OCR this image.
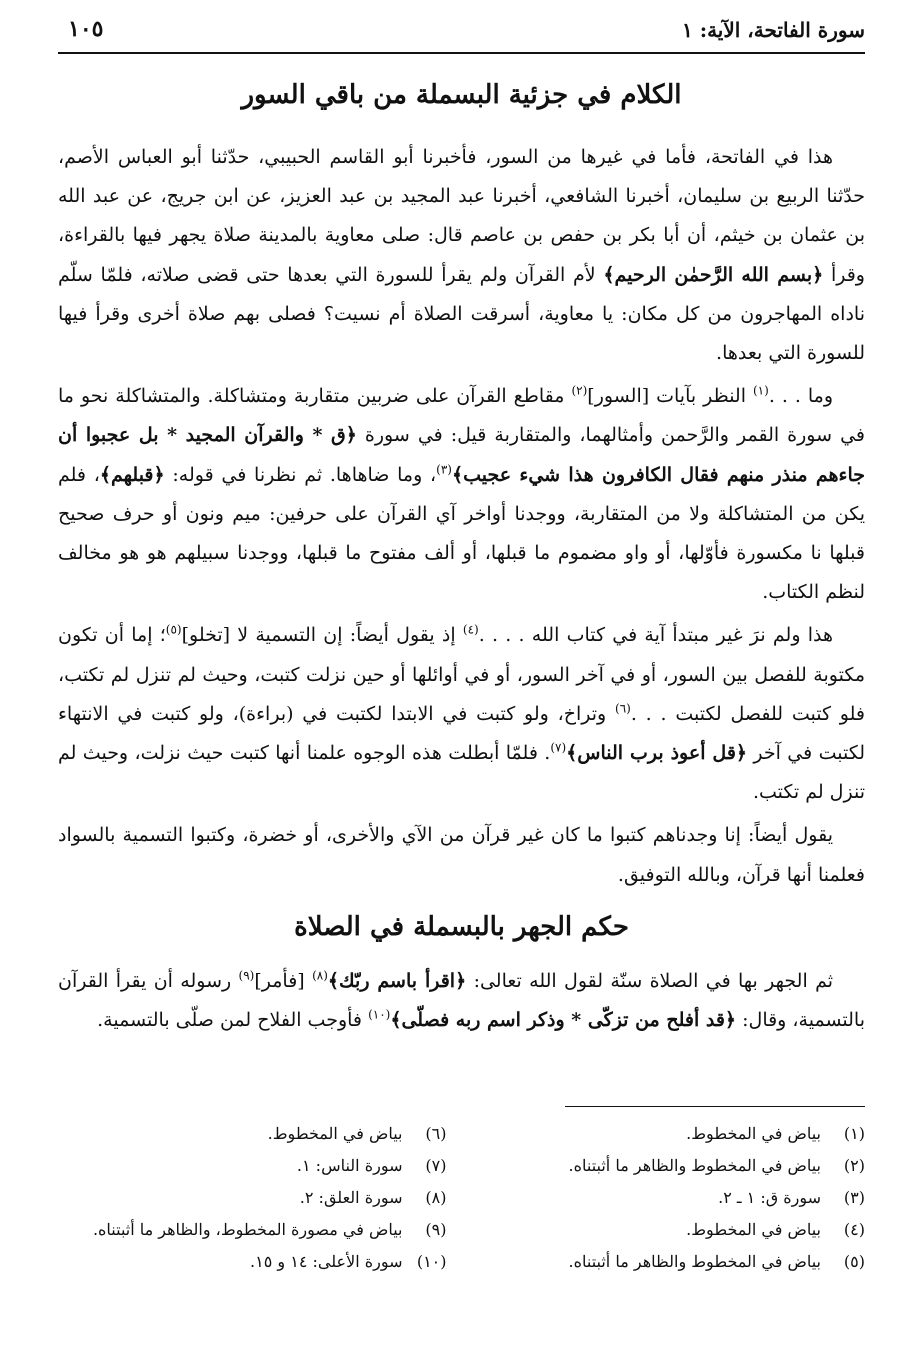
سورة الفاتحة، الآية: ١
١٠٥
الكلام في جزئية البسملة من باقي السور

هذا في الفاتحة، فأما في غيرها من السور، فأخبرنا أبو القاسم الحبيبي، حدّثنا أبو العباس الأصم، حدّثنا الربيع بن سليمان، أخبرنا الشافعي، أخبرنا عبد المجيد بن عبد العزيز، عن ابن جريج، عن عبد الله بن عثمان بن خيثم، أن أبا بكر بن حفص بن عاصم قال: صلى معاوية بالمدينة صلاة يجهر فيها بالقراءة، وقرأ ﴿بسم الله الرَّحمٰن الرحيم﴾ لأم القرآن ولم يقرأ للسورة التي بعدها حتى قضى صلاته، فلمّا سلّم ناداه المهاجرون من كل مكان: يا معاوية، أسرقت الصلاة أم نسيت؟ فصلى بهم صلاة أخرى وقرأ فيها للسورة التي بعدها.

وما . . .$^{(١)}$ النظر بآيات [السور]$^{(٢)}$ مقاطع القرآن على ضربين متقاربة ومتشاكلة. والمتشاكلة نحو ما في سورة القمر والرَّحمن وأمثالهما، والمتقاربة قيل: في سورة ﴿ق * والقرآن المجيد * بل عجبوا أن جاءهم منذر منهم فقال الكافرون هذا شيء عجيب﴾$^{(٣)}$، وما ضاهاها. ثم نظرنا في قوله: ﴿قبلهم﴾، فلم يكن من المتشاكلة ولا من المتقاربة، ووجدنا أواخر آي القرآن على حرفين: ميم ونون أو حرف صحيح قبلها نا مكسورة فأوّلها، أو واو مضموم ما قبلها، أو ألف مفتوح ما قبلها، ووجدنا سبيلهم هو هو مخالف لنظم الكتاب.

هذا ولم نرَ غير مبتدأ آية في كتاب الله . . . .$^{(٤)}$ إذ يقول أيضاً: إن التسمية لا [تخلو]$^{(٥)}$؛ إما أن تكون مكتوبة للفصل بين السور، أو في آخر السور، أو في أوائلها أو حين نزلت كتبت، وحيث لم تنزل لم تكتب، فلو كتبت للفصل لكتبت . . .$^{(٦)}$ وتراخ، ولو كتبت في الابتدا لكتبت في (براءة)، ولو كتبت في الانتهاء لكتبت في آخر ﴿قل أعوذ برب الناس﴾$^{(٧)}$. فلمّا أبطلت هذه الوجوه علمنا أنها كتبت حيث نزلت، وحيث لم تنزل لم تكتب.

يقول أيضاً: إنا وجدناهم كتبوا ما كان غير قرآن من الآي والأخرى، أو خضرة، وكتبوا التسمية بالسواد فعلمنا أنها قرآن، وبالله التوفيق.

حكم الجهر بالبسملة في الصلاة

ثم الجهر بها في الصلاة سنّة لقول الله تعالى: ﴿اقرأ باسم ربّك﴾$^{(٨)}$ [فأمر]$^{(٩)}$ رسوله أن يقرأ القرآن بالتسمية، وقال: ﴿قد أفلح من تزكّى * وذكر اسم ربه فصلّى﴾$^{(١٠)}$ فأوجب الفلاح لمن صلّى بالتسمية.

(١)بياض في المخطوط.
(٢)بياض في المخطوط والظاهر ما أثبتناه.
(٣)سورة ق: ١ ـ ٢.
(٤)بياض في المخطوط.
(٥)بياض في المخطوط والظاهر ما أثبتناه.
(٦)بياض في المخطوط.
(٧)سورة الناس: ١.
(٨)سورة العلق: ٢.
(٩)بياض في مصورة المخطوط، والظاهر ما أثبتناه.
(١٠)سورة الأعلى: ١٤ و ١٥.
